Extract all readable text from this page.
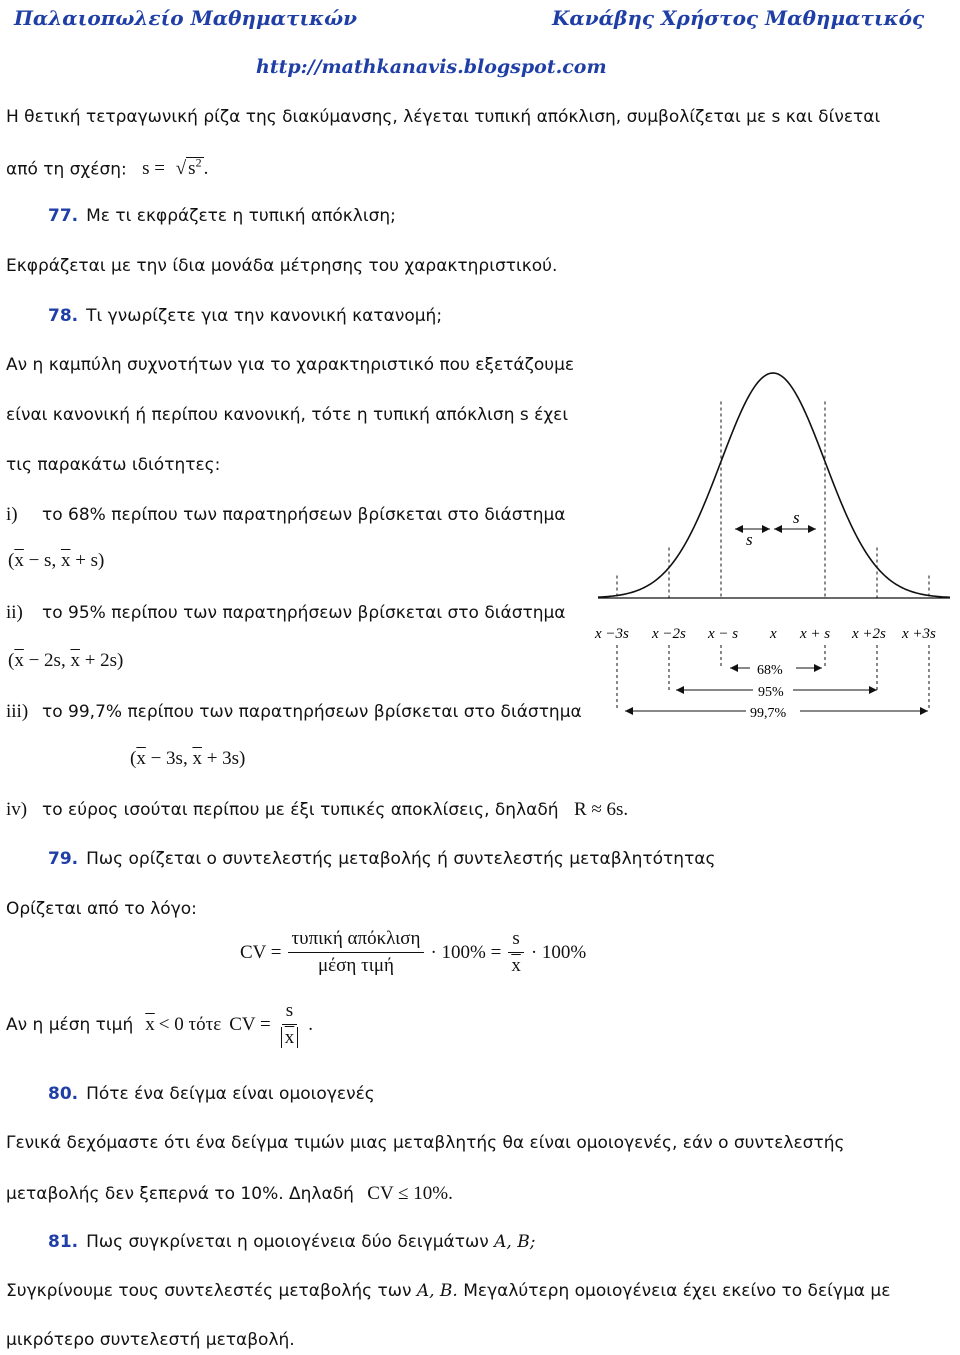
Παλαιοπωλείο Μαθηματικών	Κανάβης Χρήστος Μαθηματικός
http://mathkanavis.blogspot.com
Η θετική τετραγωνική ρίζα της διακύμανσης, λέγεται τυπική απόκλιση, συμβολίζεται με s και δίνεται
από τη σχέση: s = √ $s^2$ .
77. Με τι εκφράζετε η τυπική απόκλιση;
Εκφράζεται με την ίδια μονάδα μέτρησης του χαρακτηριστικού.
78. Τι γνωρίζετε για την κανονική κατανομή;
Αν η καμπύλη συχνοτήτων για το χαρακτηριστικό που εξετάζουμε
είναι κανονική ή περίπου κανονική, τότε η τυπική απόκλιση s έχει
τις παρακάτω ιδιότητες:
i) το 68% περίπου των παρατηρήσεων βρίσκεται στο διάστημα
($\overline{x} - s$, $\overline{x} + s$)
ii) το 95% περίπου των παρατηρήσεων βρίσκεται στο διάστημα
($\overline{x} - 2s$, $\overline{x} + 2s$)
iii) το 99,7% περίπου των παρατηρήσεων βρίσκεται στο διάστημα
($\overline{x} - 3s$, $\overline{x} + 3s$)
iv) το εύρος ισούται περίπου με έξι τυπικές αποκλίσεις, δηλαδή R ≈ 6s.
s
s
x −3s x −2s x − s x x + s x +2s x +3s
68%
95%
99,7%
79. Πως ορίζεται ο συντελεστής μεταβολής ή συντελεστής μεταβλητότητας
Ορίζεται από το λόγο:
CV = $\frac{\text{τυπική απόκλιση}}{\text{μέση τιμή}} \cdot 100\% = \frac{s}{x} \cdot 100\%$
Αν η μέση τιμή $\overline{x} < 0$ τότε CV = $\frac{s}{x}$ .
80. Πότε ένα δείγμα είναι ομοιογενές
Γενικά δεχόμαστε ότι ένα δείγμα τιμών μιας μεταβλητής θα είναι ομοιογενές, εάν ο συντελεστής
μεταβολής δεν ξεπερνά το 10%. Δηλαδή CV ≤ 10%.
81. Πως συγκρίνεται η ομοιογένεια δύο δειγμάτων A, B;
Συγκρίνουμε τους συντελεστές μεταβολής των A, B. Μεγαλύτερη ομοιογένεια έχει εκείνο το δείγμα με
μικρότερο συντελεστή μεταβολή.
